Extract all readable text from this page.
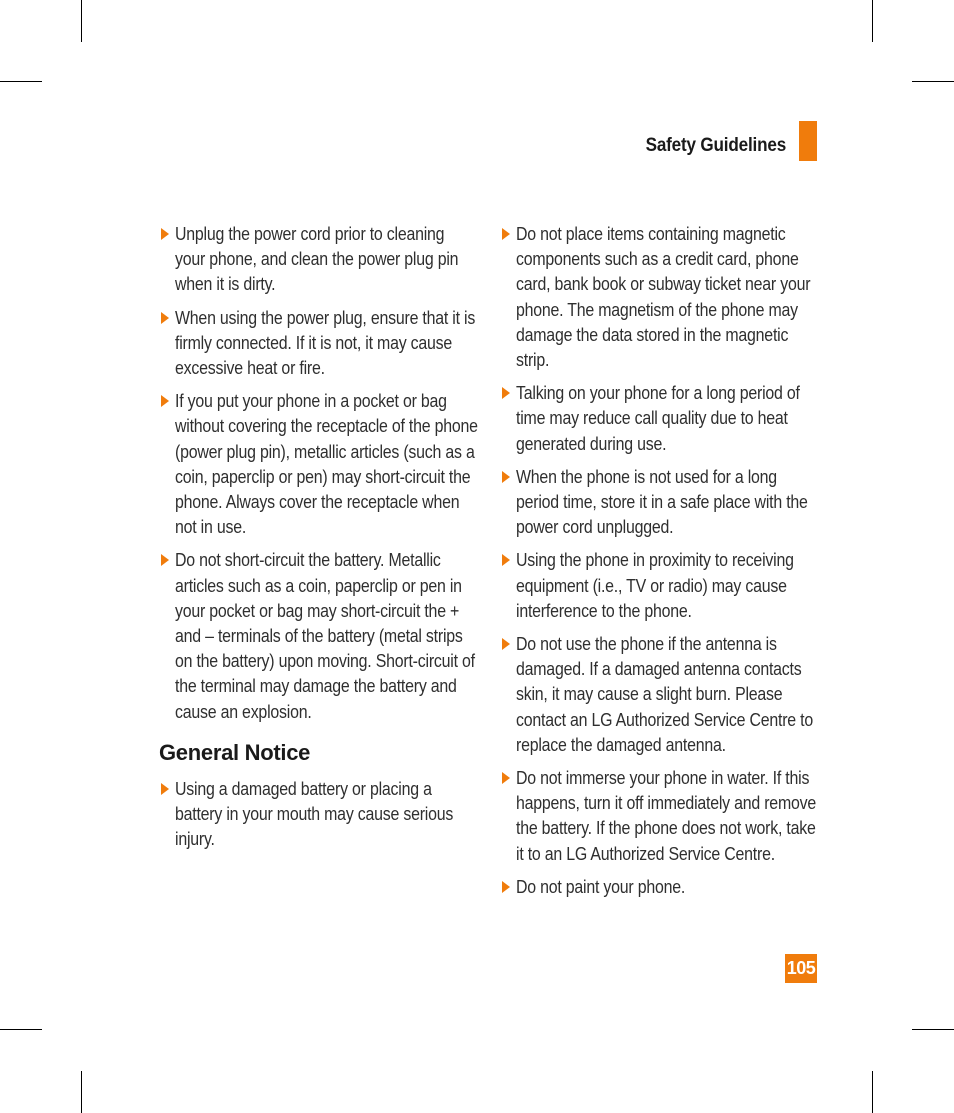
Safety Guidelines
Unplug the power cord prior to cleaning your phone, and clean the power plug pin when it is dirty.
When using the power plug, ensure that it is firmly connected. If it is not, it may cause excessive heat or fire.
If you put your phone in a pocket or bag without covering the receptacle of the phone (power plug pin), metallic articles (such as a coin, paperclip or pen) may short-circuit the phone. Always cover the receptacle when not in use.
Do not short-circuit the battery. Metallic articles such as a coin, paperclip or pen in your pocket or bag may short-circuit the + and – terminals of the battery (metal strips on the battery) upon moving. Short-circuit of the terminal may damage the battery and cause an explosion.
General Notice
Using a damaged battery or placing a battery in your mouth may cause serious injury.
Do not place items containing magnetic components such as a credit card, phone card, bank book or subway ticket near your phone. The magnetism of the phone may damage the data stored in the magnetic strip.
Talking on your phone for a long period of time may reduce call quality due to heat generated during use.
When the phone is not used for a long period time, store it in a safe place with the power cord unplugged.
Using the phone in proximity to receiving equipment (i.e., TV or radio) may cause interference to the phone.
Do not use the phone if the antenna is damaged. If a damaged antenna contacts skin, it may cause a slight burn. Please contact an LG Authorized Service Centre to replace the damaged antenna.
Do not immerse your phone in water. If this happens, turn it off immediately and remove the battery. If the phone does not work, take it to an LG Authorized Service Centre.
Do not paint your phone.
105
